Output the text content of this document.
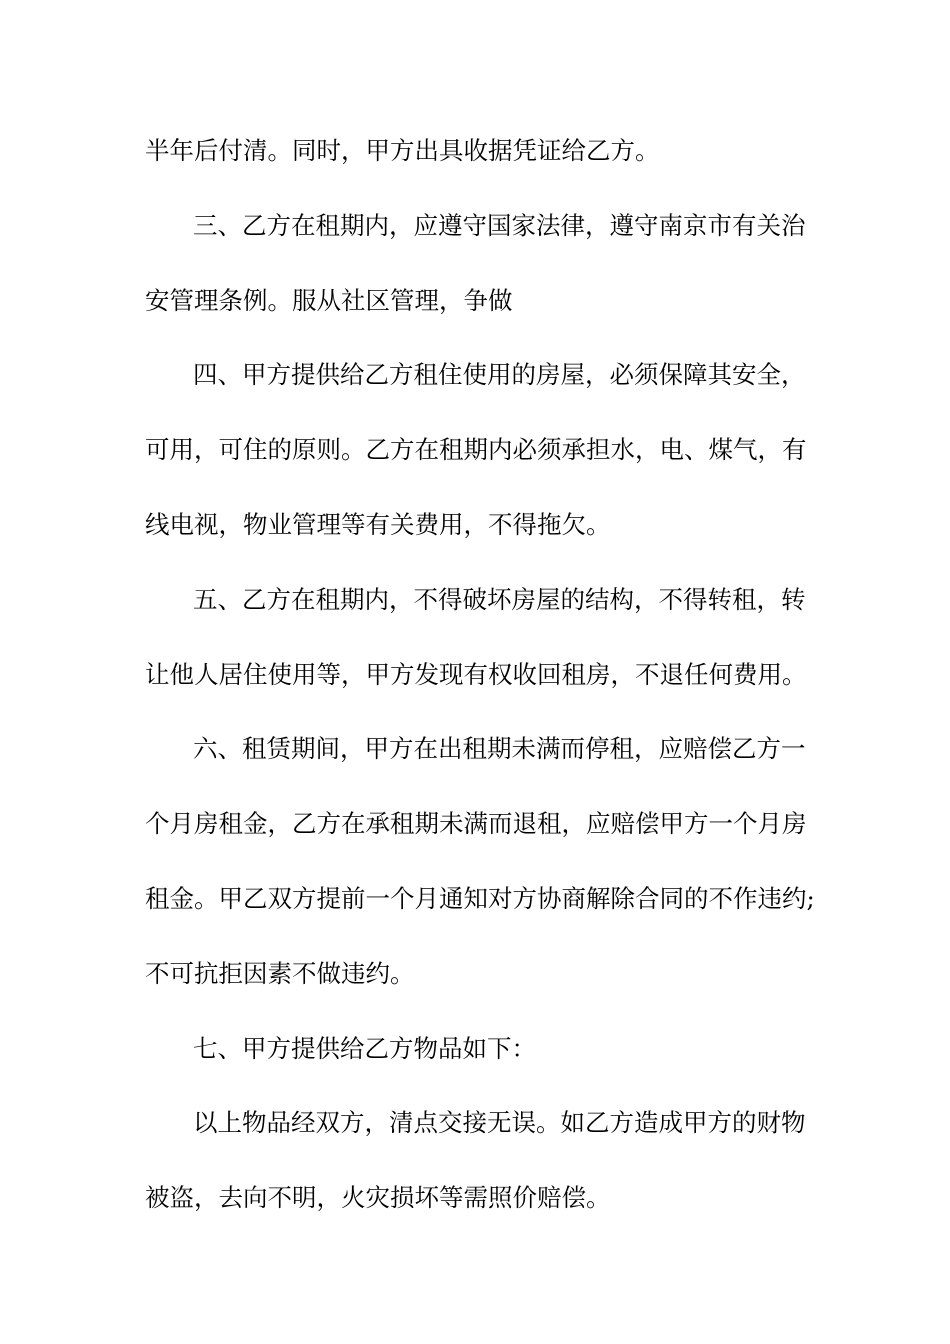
半年后付清。同时，甲方出具收据凭证给乙方。
三、乙方在租期内，应遵守国家法律，遵守南京市有关治
安管理条例。服从社区管理，争做
四、甲方提供给乙方租住使用的房屋，必须保障其安全，
可用，可住的原则。乙方在租期内必须承担水，电、煤气，有
线电视，物业管理等有关费用，不得拖欠。
五、乙方在租期内，不得破坏房屋的结构，不得转租，转
让他人居住使用等，甲方发现有权收回租房，不退任何费用。
六、租赁期间，甲方在出租期未满而停租，应赔偿乙方一
个月房租金，乙方在承租期未满而退租，应赔偿甲方一个月房
租金。甲乙双方提前一个月通知对方协商解除合同的不作违约;
不可抗拒因素不做违约。
七、甲方提供给乙方物品如下：
以上物品经双方，清点交接无误。如乙方造成甲方的财物
被盗，去向不明，火灾损坏等需照价赔偿。
